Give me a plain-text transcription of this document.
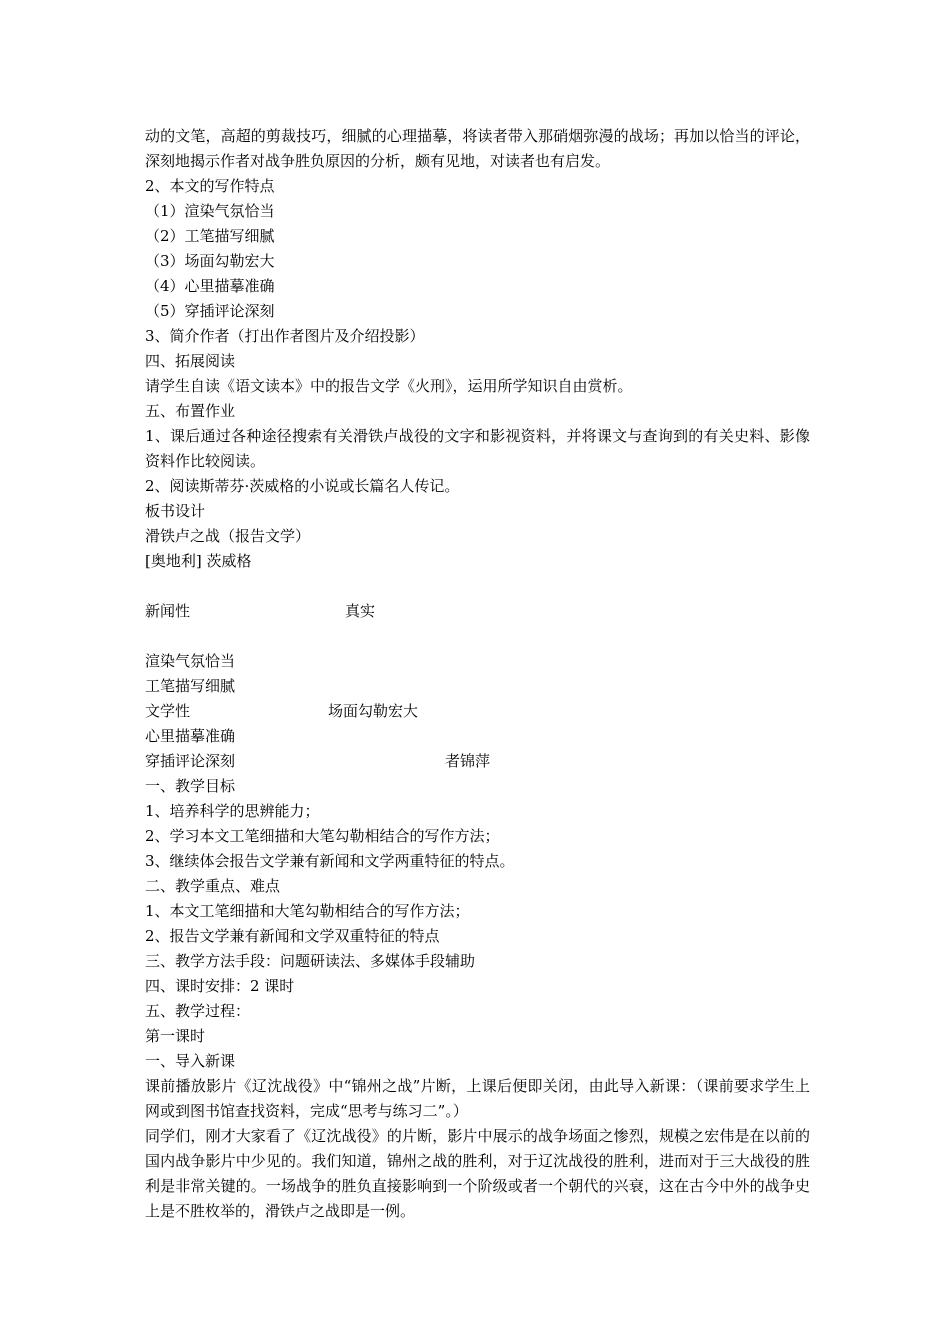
动的文笔，高超的剪裁技巧，细腻的心理描摹，将读者带入那硝烟弥漫的战场；再加以恰当的评论，深刻地揭示作者对战争胜负原因的分析，颇有见地，对读者也有启发。
2、本文的写作特点
（1）渲染气氛恰当
（2）工笔描写细腻
（3）场面勾勒宏大
（4）心里描摹准确
（5）穿插评论深刻
3、简介作者（打出作者图片及介绍投影）
四、拓展阅读
请学生自读《语文读本》中的报告文学《火刑》，运用所学知识自由赏析。
五、布置作业
1、课后通过各种途径搜索有关滑铁卢战役的文字和影视资料，并将课文与查询到的有关史料、影像资料作比较阅读。
2、阅读斯蒂芬·茨威格的小说或长篇名人传记。
板书设计
滑铁卢之战（报告文学）
[奥地利] 茨威格
新闻性	真实
渲染气氛恰当
工笔描写细腻
文学性	场面勾勒宏大
心里描摹准确
穿插评论深刻	者锦萍
一、教学目标
1、培养科学的思辨能力；
2、学习本文工笔细描和大笔勾勒相结合的写作方法；
3、继续体会报告文学兼有新闻和文学两重特征的特点。
二、教学重点、难点
1、本文工笔细描和大笔勾勒相结合的写作方法；
2、报告文学兼有新闻和文学双重特征的特点
三、教学方法手段：问题研读法、多媒体手段辅助
四、课时安排：2 课时
五、教学过程：
第一课时
一、导入新课
课前播放影片《辽沈战役》中“锦州之战”片断，上课后便即关闭，由此导入新课：（课前要求学生上网或到图书馆查找资料，完成“思考与练习二”。）
同学们，刚才大家看了《辽沈战役》的片断，影片中展示的战争场面之惨烈，规模之宏伟是在以前的国内战争影片中少见的。我们知道，锦州之战的胜利，对于辽沈战役的胜利，进而对于三大战役的胜利是非常关键的。一场战争的胜负直接影响到一个阶级或者一个朝代的兴衰，这在古今中外的战争史上是不胜枚举的，滑铁卢之战即是一例。
